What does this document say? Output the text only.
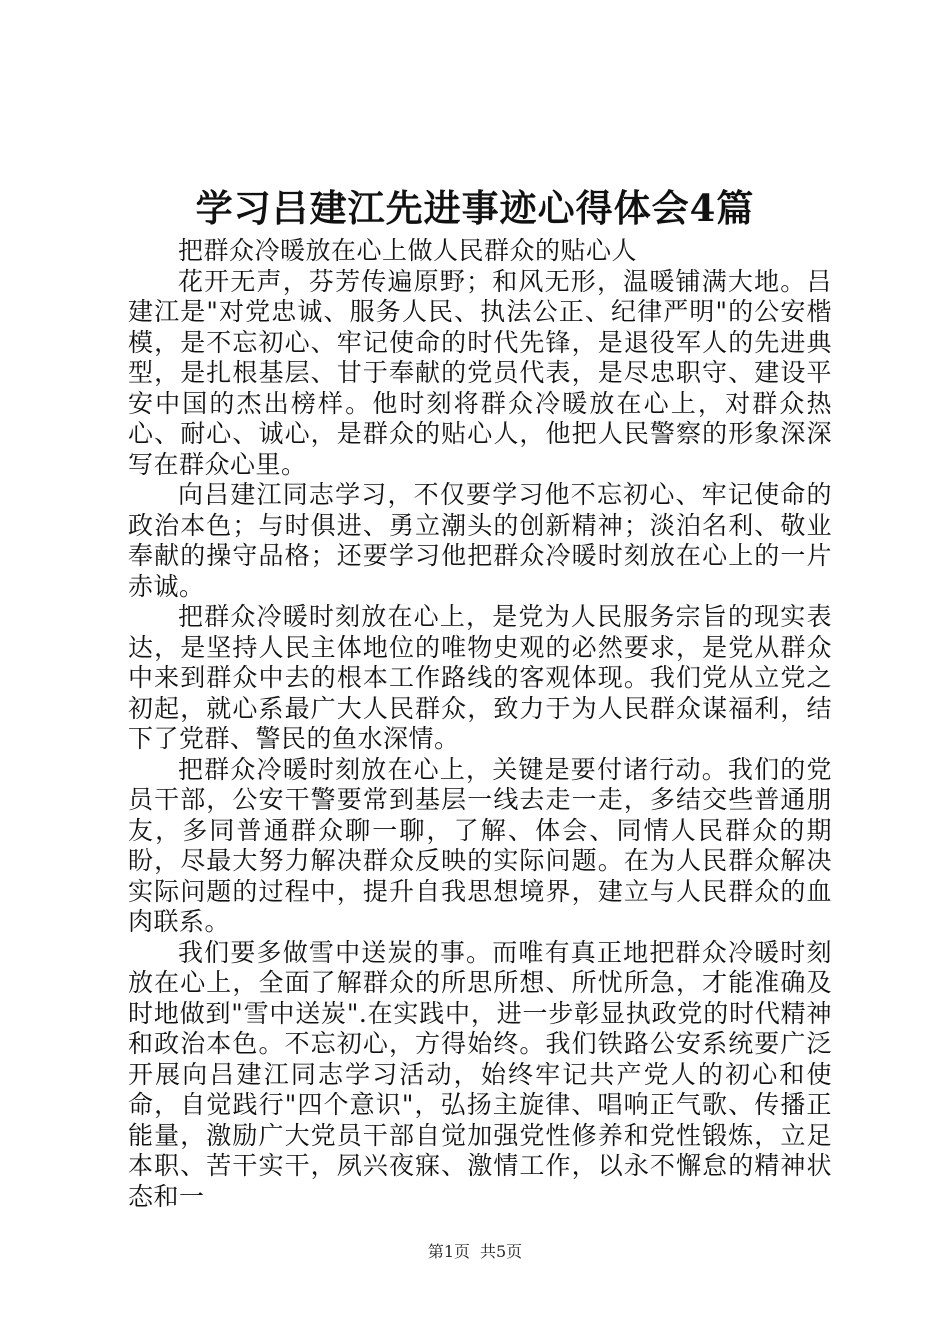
学习吕建江先进事迹心得体会4篇

把群众冷暖放在心上做人民群众的贴心人

花开无声，芬芳传遍原野；和风无形，温暖铺满大地。吕建江是"对党忠诚、服务人民、执法公正、纪律严明"的公安楷模，是不忘初心、牢记使命的时代先锋，是退役军人的先进典型，是扎根基层、甘于奉献的党员代表，是尽忠职守、建设平安中国的杰出榜样。他时刻将群众冷暖放在心上，对群众热心、耐心、诚心，是群众的贴心人，他把人民警察的形象深深写在群众心里。

向吕建江同志学习，不仅要学习他不忘初心、牢记使命的政治本色；与时俱进、勇立潮头的创新精神；淡泊名利、敬业奉献的操守品格；还要学习他把群众冷暖时刻放在心上的一片赤诚。

把群众冷暖时刻放在心上，是党为人民服务宗旨的现实表达，是坚持人民主体地位的唯物史观的必然要求，是党从群众中来到群众中去的根本工作路线的客观体现。我们党从立党之初起，就心系最广大人民群众，致力于为人民群众谋福利，结下了党群、警民的鱼水深情。

把群众冷暖时刻放在心上，关键是要付诸行动。我们的党员干部，公安干警要常到基层一线去走一走，多结交些普通朋友，多同普通群众聊一聊，了解、体会、同情人民群众的期盼，尽最大努力解决群众反映的实际问题。在为人民群众解决实际问题的过程中，提升自我思想境界，建立与人民群众的血肉联系。

我们要多做雪中送炭的事。而唯有真正地把群众冷暖时刻放在心上，全面了解群众的所思所想、所忧所急，才能准确及时地做到"雪中送炭".在实践中，进一步彰显执政党的时代精神和政治本色。不忘初心，方得始终。我们铁路公安系统要广泛开展向吕建江同志学习活动，始终牢记共产党人的初心和使命，自觉践行"四个意识"，弘扬主旋律、唱响正气歌、传播正能量，激励广大党员干部自觉加强党性修养和党性锻炼，立足本职、苦干实干，夙兴夜寐、激情工作，以永不懈怠的精神状态和一

第1页 共5页
